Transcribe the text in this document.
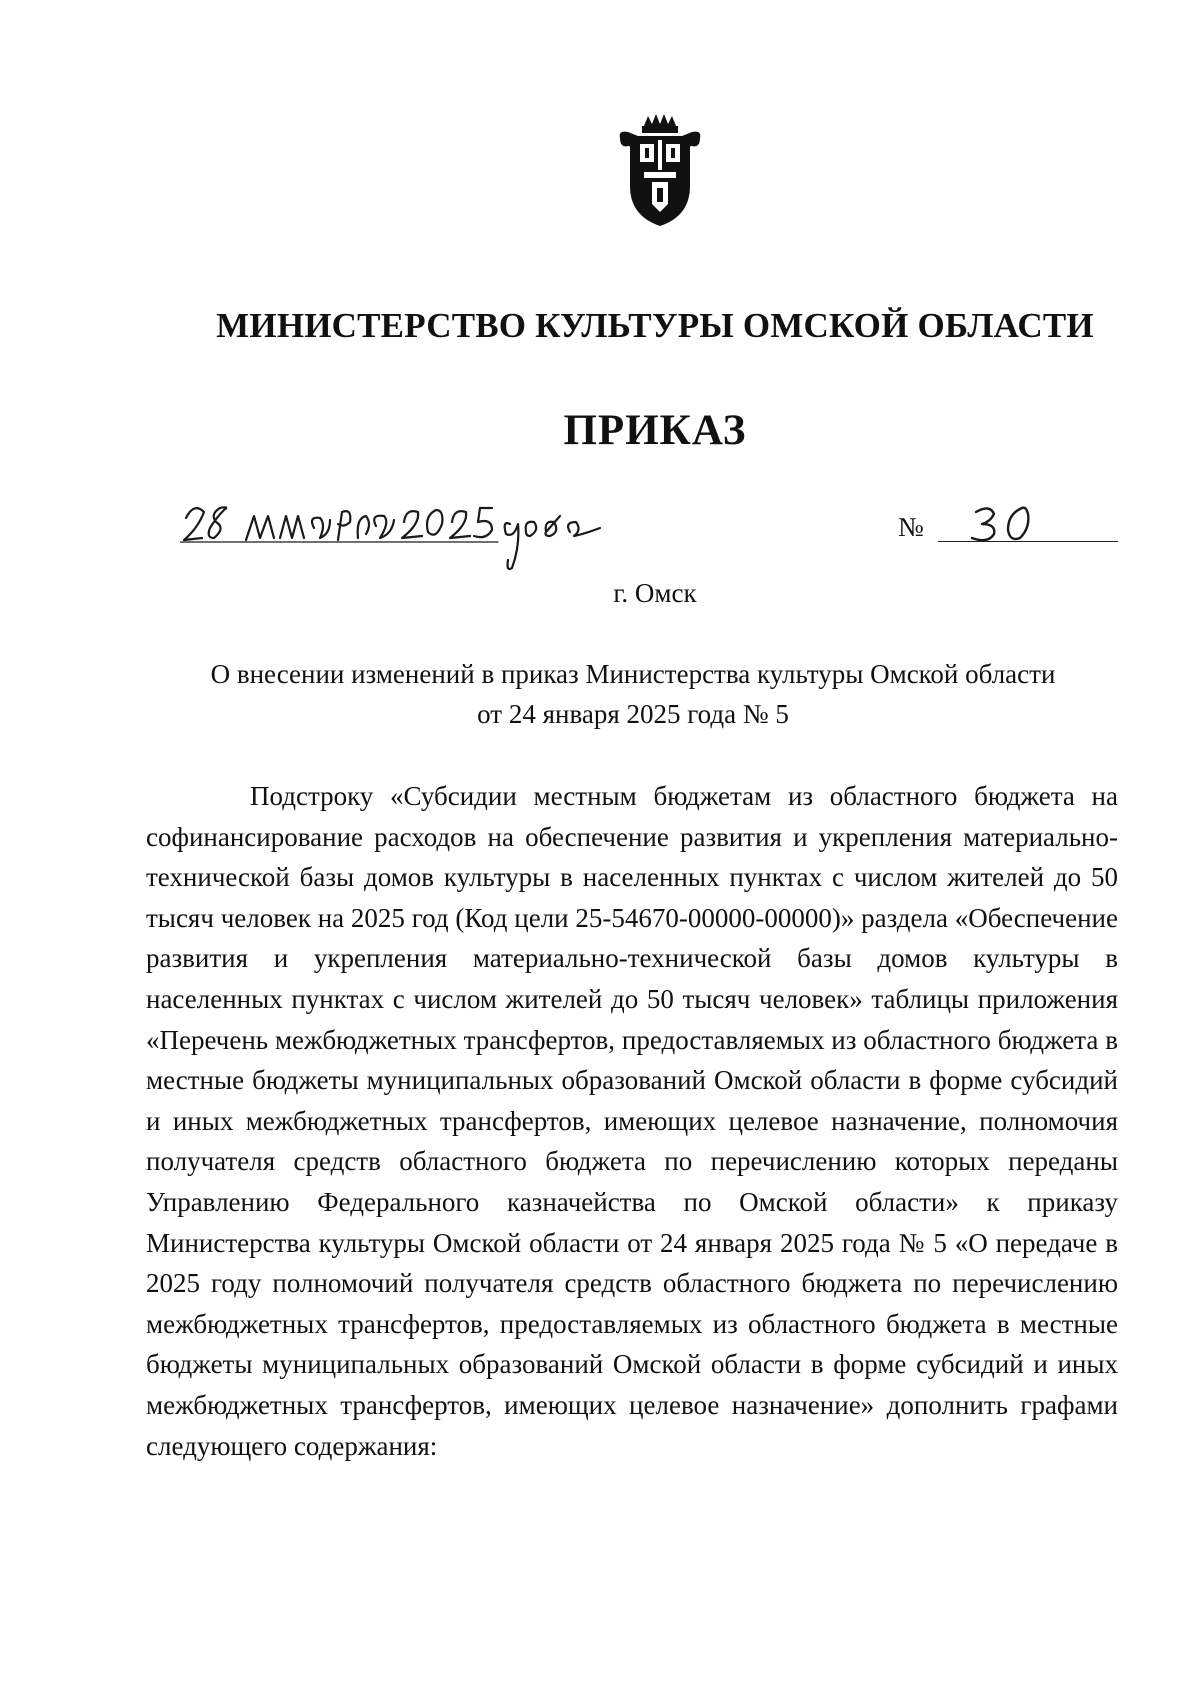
МИНИСТЕРСТВО КУЛЬТУРЫ ОМСКОЙ ОБЛАСТИ
ПРИКАЗ
№
г. Омск
О внесении изменений в приказ Министерства культуры Омской области
от 24 января 2025 года № 5

Подстроку «Субсидии местным бюджетам из областного бюджета на софинансирование расходов на обеспечение развития и укрепления материально-технической базы домов культуры в населенных пунктах с числом жителей до 50 тысяч человек на 2025 год (Код цели 25-54670-00000-00000)» раздела «Обеспечение развития и укрепления материально-технической базы домов культуры в населенных пунктах с числом жителей до 50 тысяч человек» таблицы приложения «Перечень межбюджетных трансфертов, предоставляемых из областного бюджета в местные бюджеты муниципальных образований Омской области в форме субсидий и иных межбюджетных трансфертов, имеющих целевое назначение, полномочия получателя средств областного бюджета по перечислению которых переданы Управлению Федерального казначейства по Омской области» к приказу Министерства культуры Омской области от 24 января 2025 года № 5 «О передаче в 2025 году полномочий получателя средств областного бюджета по перечислению межбюджетных трансфертов, предоставляемых из областного бюджета в местные бюджеты муниципальных образований Омской области в форме субсидий и иных межбюджетных трансфертов, имеющих целевое назначение» дополнить графами следующего содержания:
